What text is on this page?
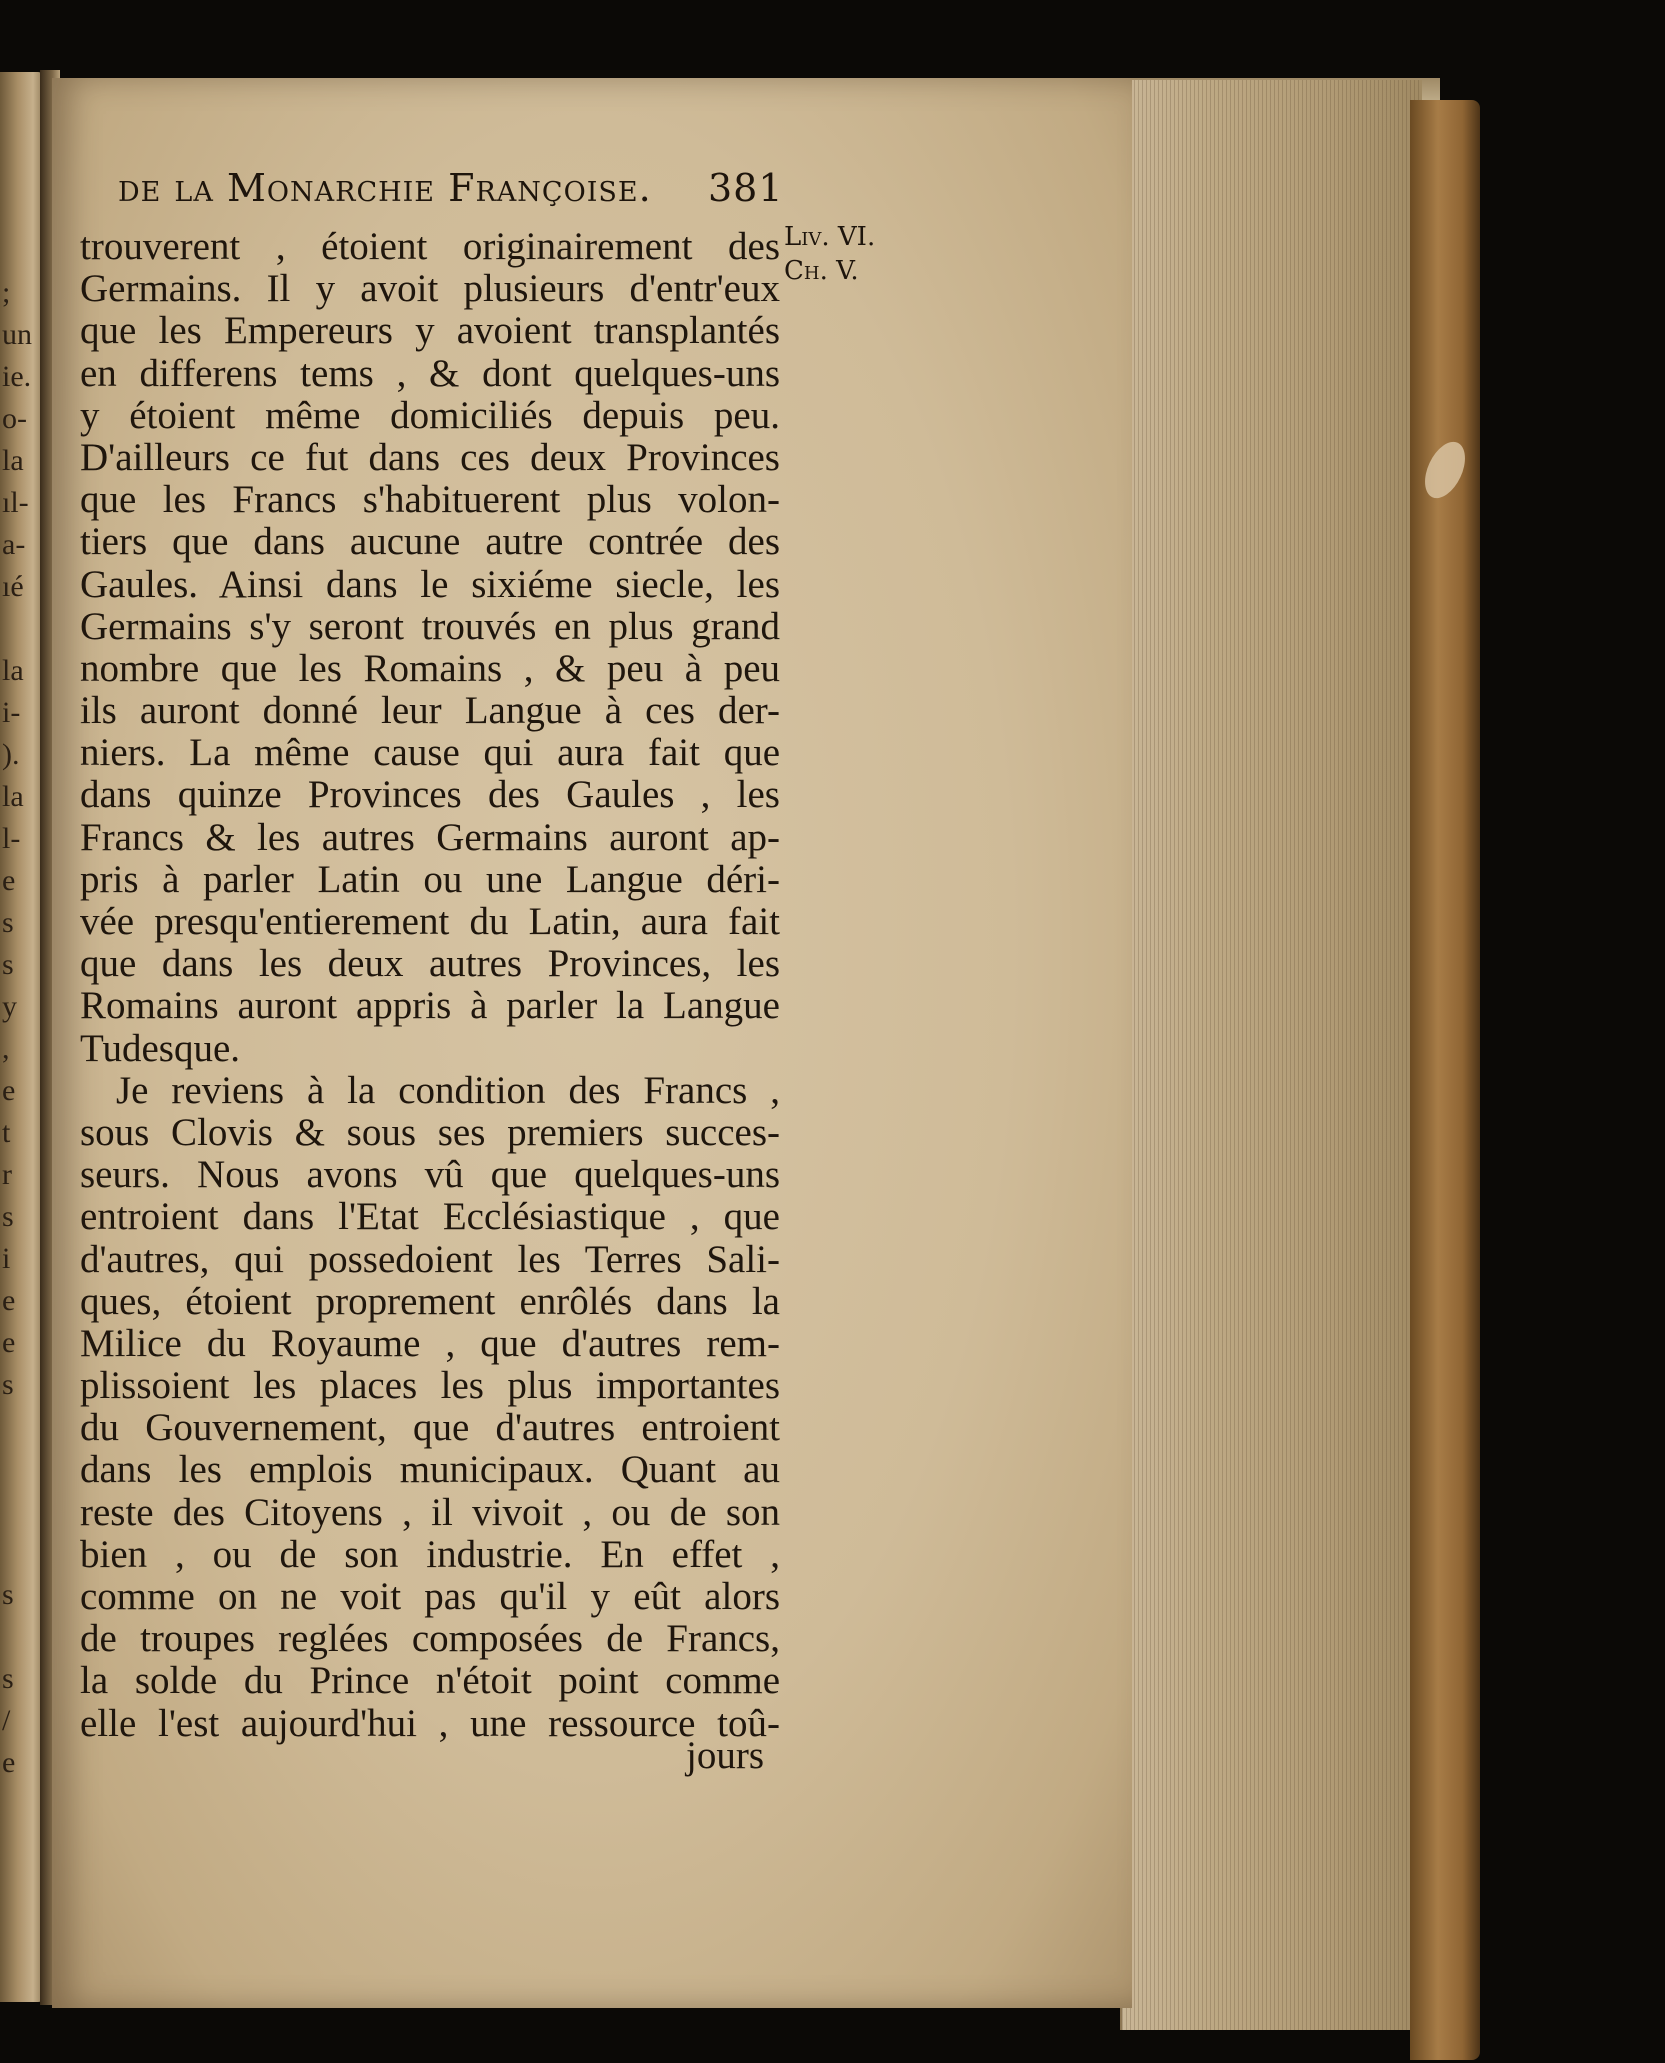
;
un
ie.
o-
la
ıl-
a-
ıé
la
i-
).
la
l-
e
s
s
y
,
e
t
r
s
i
e
e
s
s
s
/
e
de la Monarchie Françoise. 381
Liv. VI.
Ch. V.
trouverent , étoient originairement des
Germains. Il y avoit plusieurs d'entr'eux
que les Empereurs y avoient transplantés
en differens tems , & dont quelques-uns
y étoient même domiciliés depuis peu.
D'ailleurs ce fut dans ces deux Provinces
que les Francs s'habituerent plus volon-
tiers que dans aucune autre contrée des
Gaules. Ainsi dans le sixiéme siecle, les
Germains s'y seront trouvés en plus grand
nombre que les Romains , & peu à peu
ils auront donné leur Langue à ces der-
niers. La même cause qui aura fait que
dans quinze Provinces des Gaules , les
Francs & les autres Germains auront ap-
pris à parler Latin ou une Langue déri-
vée presqu'entierement du Latin, aura fait
que dans les deux autres Provinces, les
Romains auront appris à parler la Langue
Tudesque.
Je reviens à la condition des Francs ,
sous Clovis & sous ses premiers succes-
seurs. Nous avons vû que quelques-uns
entroient dans l'Etat Ecclésiastique , que
d'autres, qui possedoient les Terres Sali-
ques, étoient proprement enrôlés dans la
Milice du Royaume , que d'autres rem-
plissoient les places les plus importantes
du Gouvernement, que d'autres entroient
dans les emplois municipaux. Quant au
reste des Citoyens , il vivoit , ou de son
bien , ou de son industrie. En effet ,
comme on ne voit pas qu'il y eût alors
de troupes reglées composées de Francs,
la solde du Prince n'étoit point comme
elle l'est aujourd'hui , une ressource toû-
jours
